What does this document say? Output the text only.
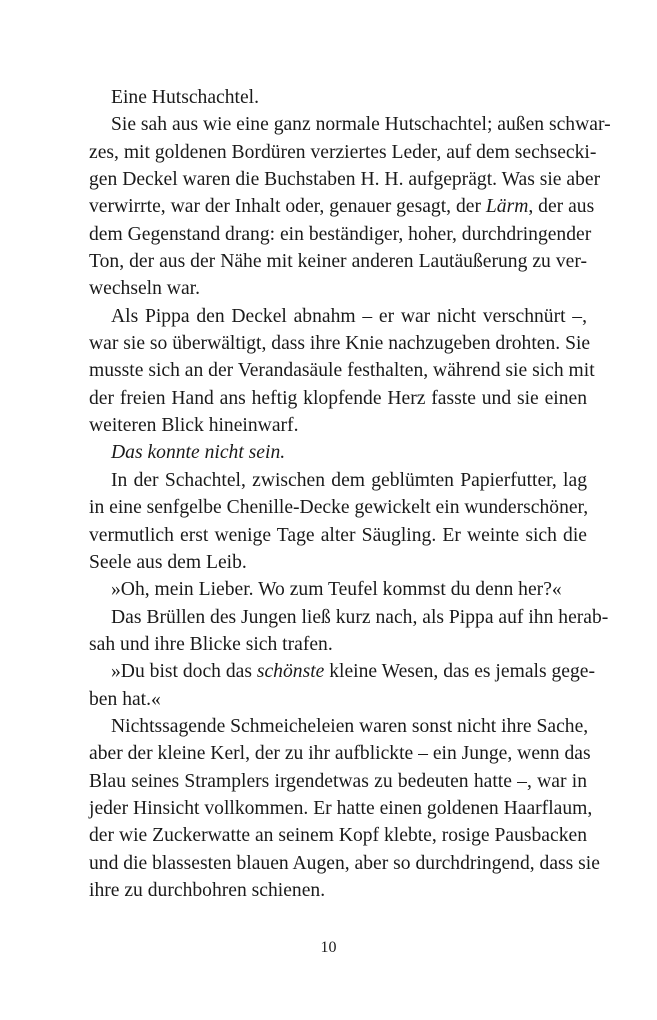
Eine Hutschachtel.
Sie sah aus wie eine ganz normale Hutschachtel; außen schwar-
zes, mit goldenen Bordüren verziertes Leder, auf dem sechsecki-
gen Deckel waren die Buchstaben H. H. aufgeprägt. Was sie aber
verwirrte, war der Inhalt oder, genauer gesagt, der Lärm, der aus
dem Gegenstand drang: ein beständiger, hoher, durchdringender
Ton, der aus der Nähe mit keiner anderen Lautäußerung zu ver-
wechseln war.
Als Pippa den Deckel abnahm – er war nicht verschnürt –,
war sie so überwältigt, dass ihre Knie nachzugeben drohten. Sie
musste sich an der Verandasäule festhalten, während sie sich mit
der freien Hand ans heftig klopfende Herz fasste und sie einen
weiteren Blick hineinwarf.
Das konnte nicht sein.
In der Schachtel, zwischen dem geblümten Papierfutter, lag
in eine senfgelbe Chenille-Decke gewickelt ein wunderschöner,
vermutlich erst wenige Tage alter Säugling. Er weinte sich die
Seele aus dem Leib.
»Oh, mein Lieber. Wo zum Teufel kommst du denn her?«
Das Brüllen des Jungen ließ kurz nach, als Pippa auf ihn herab-
sah und ihre Blicke sich trafen.
»Du bist doch das schönste kleine Wesen, das es jemals gege-
ben hat.«
Nichtssagende Schmeicheleien waren sonst nicht ihre Sache,
aber der kleine Kerl, der zu ihr aufblickte – ein Junge, wenn das
Blau seines Stramplers irgendetwas zu bedeuten hatte –, war in
jeder Hinsicht vollkommen. Er hatte einen goldenen Haarflaum,
der wie Zuckerwatte an seinem Kopf klebte, rosige Pausbacken
und die blassesten blauen Augen, aber so durchdringend, dass sie
ihre zu durchbohren schienen.
10
